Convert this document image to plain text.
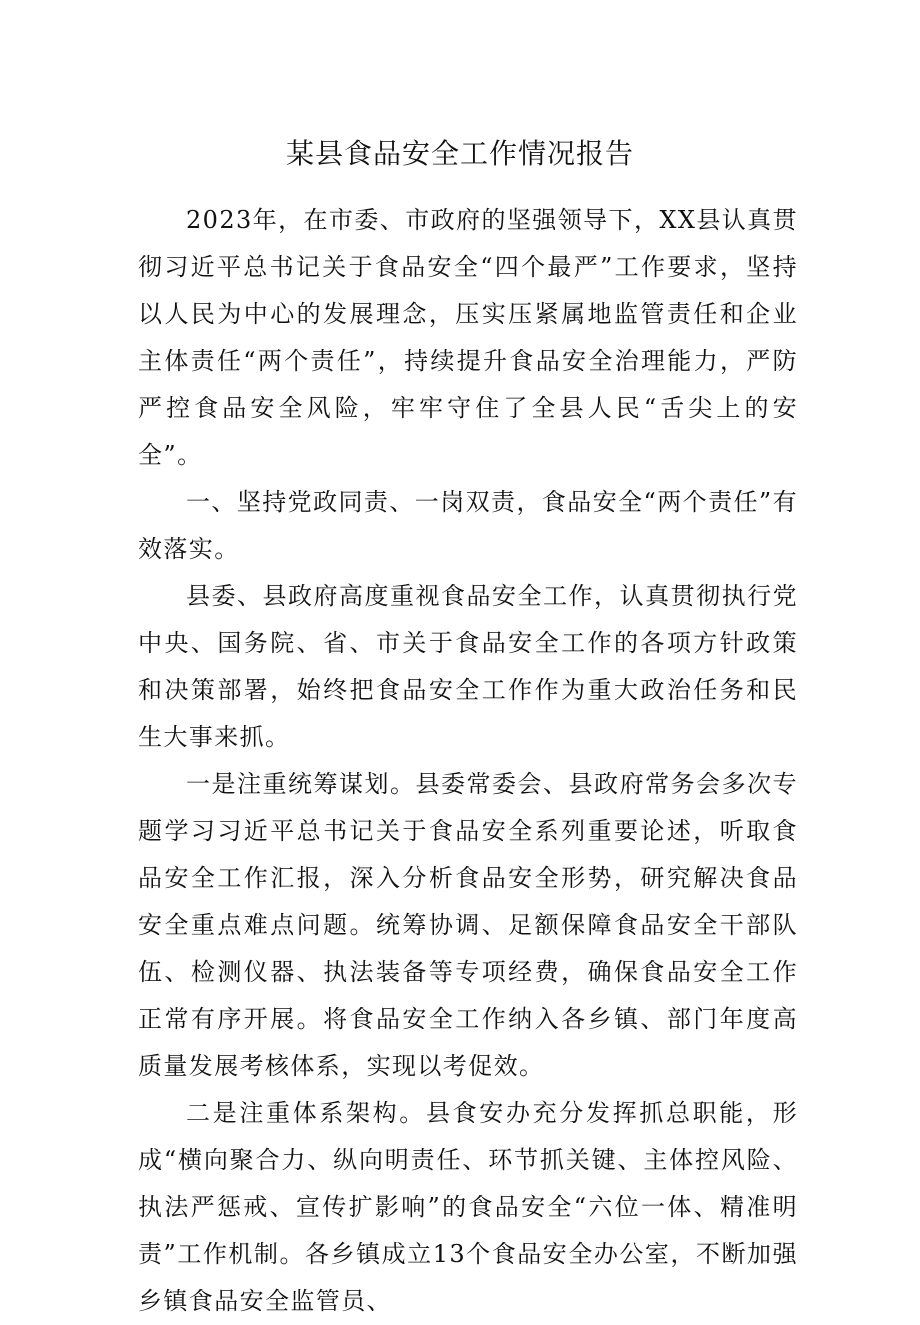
某县食品安全工作情况报告

2023年，在市委、市政府的坚强领导下，XX县认真贯彻习近平总书记关于食品安全“四个最严”工作要求，坚持以人民为中心的发展理念，压实压紧属地监管责任和企业主体责任“两个责任”，持续提升食品安全治理能力，严防严控食品安全风险，牢牢守住了全县人民“舌尖上的安全”。

一、坚持党政同责、一岗双责，食品安全“两个责任”有效落实。

县委、县政府高度重视食品安全工作，认真贯彻执行党中央、国务院、省、市关于食品安全工作的各项方针政策和决策部署，始终把食品安全工作作为重大政治任务和民生大事来抓。

一是注重统筹谋划。县委常委会、县政府常务会多次专题学习习近平总书记关于食品安全系列重要论述，听取食品安全工作汇报，深入分析食品安全形势，研究解决食品安全重点难点问题。统筹协调、足额保障食品安全干部队伍、检测仪器、执法装备等专项经费，确保食品安全工作正常有序开展。将食品安全工作纳入各乡镇、部门年度高质量发展考核体系，实现以考促效。

二是注重体系架构。县食安办充分发挥抓总职能，形成“横向聚合力、纵向明责任、环节抓关键、主体控风险、执法严惩戒、宣传扩影响”的食品安全“六位一体、精准明责”工作机制。各乡镇成立13个食品安全办公室，不断加强乡镇食品安全监管员、
